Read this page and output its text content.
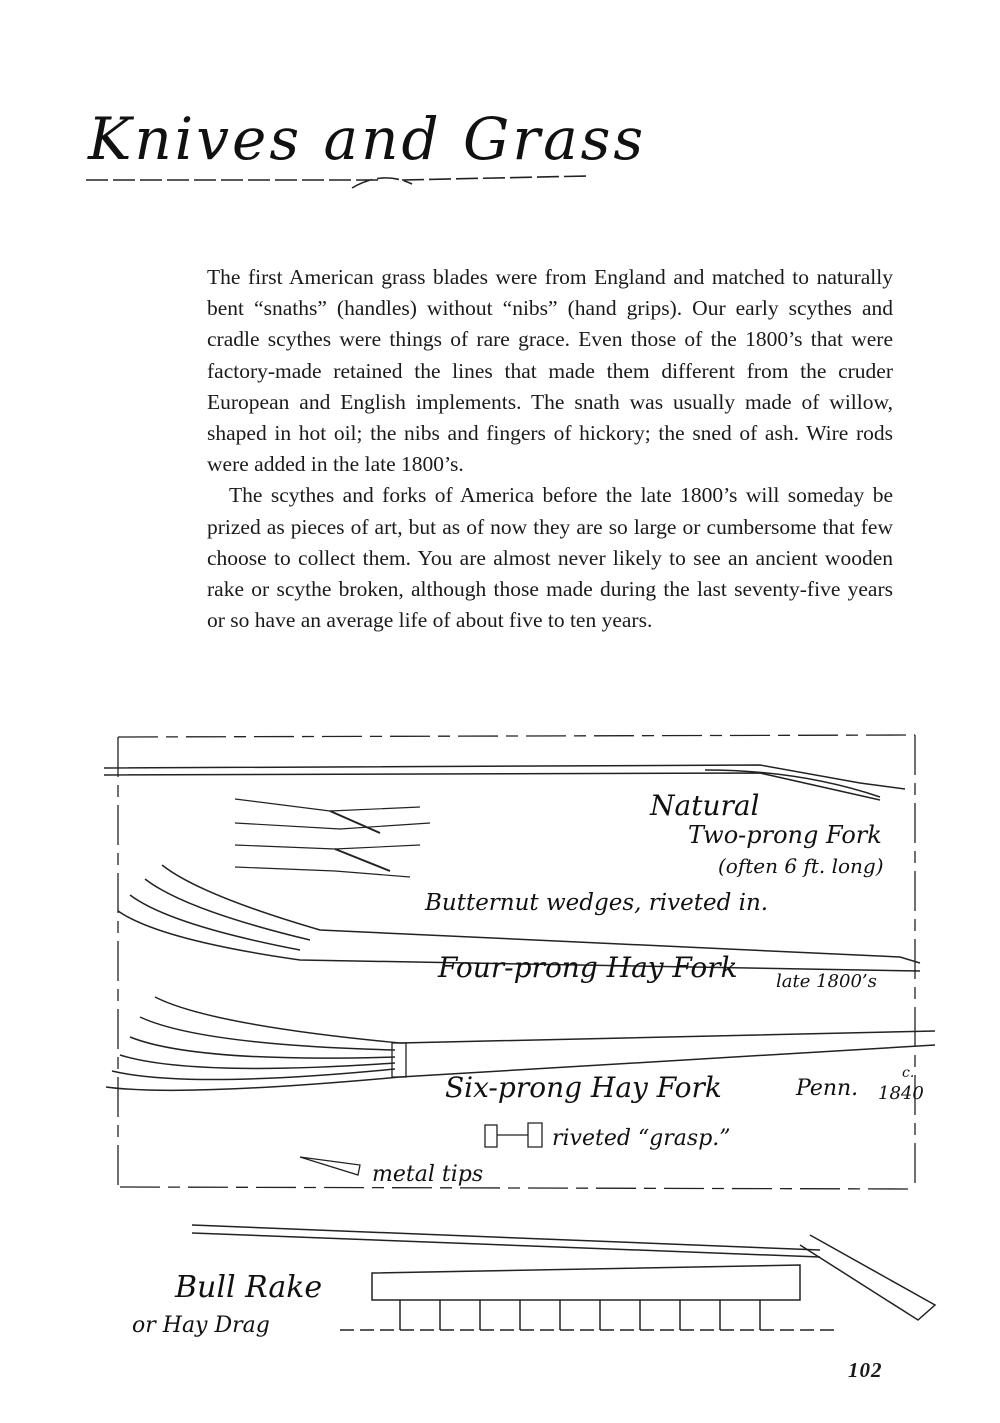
Knives and Grass

The first American grass blades were from England and matched to naturally bent “snaths” (handles) without “nibs” (hand grips). Our early scythes and cradle scythes were things of rare grace. Even those of the 1800’s that were factory-made retained the lines that made them different from the cruder European and English implements. The snath was usually made of willow, shaped in hot oil; the nibs and fingers of hickory; the sned of ash. Wire rods were added in the late 1800’s.

The scythes and forks of America before the late 1800’s will someday be prized as pieces of art, but as of now they are so large or cumbersome that few choose to collect them. You are almost never likely to see an ancient wooden rake or scythe broken, although those made during the last seventy-five years or so have an average life of about five to ten years.

Natural
Two-prong Fork
(often 6 ft. long)
Butternut wedges, riveted in.
Four-prong Hay Fork late 1800’s
Six-prong Hay Fork	Penn.
c.
1840
riveted “grasp.”
metal tips
Bull Rake
or Hay Drag
102
